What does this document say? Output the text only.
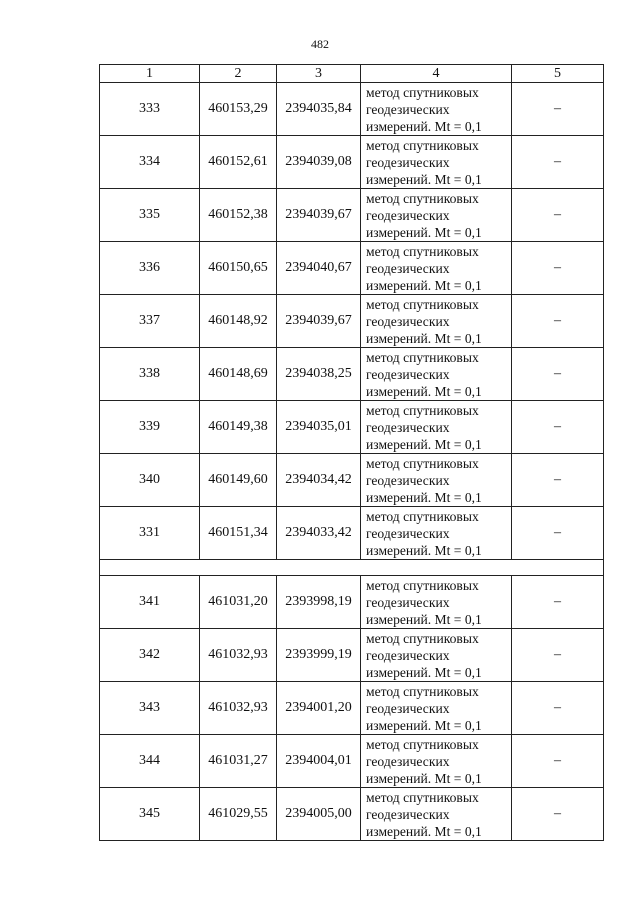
482
1	2	3	4	5
333	460153,29	2394035,84	метод спутниковых
геодезических
измерений. Mt = 0,1	–
334	460152,61	2394039,08	метод спутниковых
геодезических
измерений. Mt = 0,1	–
335	460152,38	2394039,67	метод спутниковых
геодезических
измерений. Mt = 0,1	–
336	460150,65	2394040,67	метод спутниковых
геодезических
измерений. Mt = 0,1	–
337	460148,92	2394039,67	метод спутниковых
геодезических
измерений. Mt = 0,1	–
338	460148,69	2394038,25	метод спутниковых
геодезических
измерений. Mt = 0,1	–
339	460149,38	2394035,01	метод спутниковых
геодезических
измерений. Mt = 0,1	–
340	460149,60	2394034,42	метод спутниковых
геодезических
измерений. Mt = 0,1	–
331	460151,34	2394033,42	метод спутниковых
геодезических
измерений. Mt = 0,1	–

341	461031,20	2393998,19	метод спутниковых
геодезических
измерений. Mt = 0,1	–
342	461032,93	2393999,19	метод спутниковых
геодезических
измерений. Mt = 0,1	–
343	461032,93	2394001,20	метод спутниковых
геодезических
измерений. Mt = 0,1	–
344	461031,27	2394004,01	метод спутниковых
геодезических
измерений. Mt = 0,1	–
345	461029,55	2394005,00	метод спутниковых
геодезических
измерений. Mt = 0,1	–
